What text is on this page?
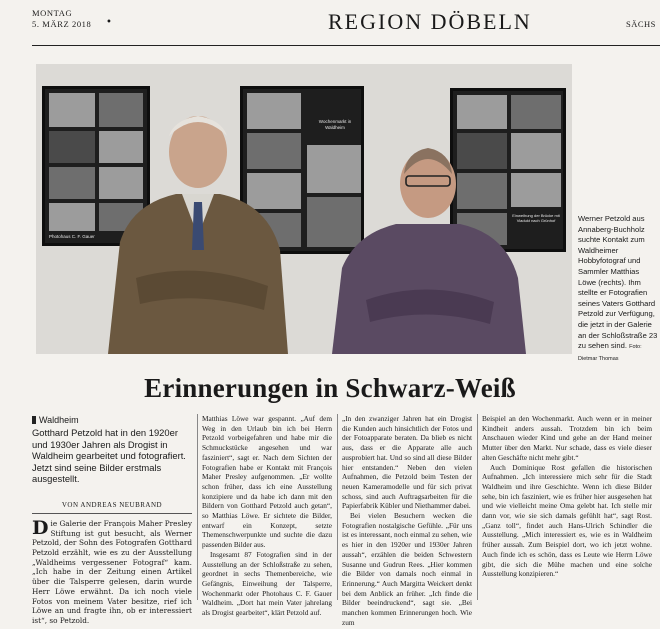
MONTAG
5. MÄRZ 2018 •	REGION DÖBELN	SÄCHS
Photohaus C. F. Gauer
Wochenmarkt in Waldheim
Einweihung der Brücke mit Viadukt nach Grünhof	Werner Petzold aus Annaberg-Buchholz suchte Kontakt zum Waldheimer Hobbyfotograf und Sammler Matthias Löwe (rechts). Ihm stellte er Fotografien seines Vaters Gotthard Petzold zur Verfügung, die jetzt in der Galerie an der Schloßstraße 23 zu sehen sind. Foto: Dietmar Thomas
Erinnerungen in Schwarz-Weiß
Waldheim
Gotthard Petzold hat in den 1920er und 1930er Jahren als Drogist in Waldheim gearbeitet und fotografiert. Jetzt sind seine Bilder erstmals ausgestellt.
VON ANDREAS NEUBRAND
Die Galerie der François Maher Presley Stiftung ist gut besucht, als Werner Petzold, der Sohn des Fotografen Gotthard Petzold erzählt, wie es zu der Ausstellung „Waldheims vergessener Fotograf“ kam. „Ich habe in der Zeitung einen Artikel über die Talsperre gelesen, darin wurde Herr Löwe erwähnt. Da ich noch viele Fotos von meinem Vater besitze, rief ich Löwe an und fragte ihn, ob er interessiert ist“, so Petzold.

Matthias Löwe war gespannt. „Auf dem Weg in den Urlaub bin ich bei Herrn Petzold vorbeigefahren und habe mir die Schmuckstücke angesehen und war fasziniert“, sagt er. Nach dem Sichten der Fotografien habe er Kontakt mit François Maher Presley aufgenommen. „Er wollte schon früher, dass ich eine Ausstellung konzipiere und da habe ich dann mit den Bildern von Gotthard Petzold auch getan“, so Matthias Löwe. Er sichtete die Bilder, entwarf ein Konzept, setzte Themenschwerpunkte und suchte die dazu passenden Bilder aus.

Insgesamt 87 Fotografien sind in der Ausstellung an der Schloßstraße zu sehen, geordnet in sechs Themenbereiche, wie Gefängnis, Einweihung der Talsperre, Wochenmarkt oder Photohaus C. F. Gauer Waldheim. „Dort hat mein Vater jahrelang als Drogist gearbeitet“, klärt Petzold auf.

„In den zwanziger Jahren hat ein Drogist die Kunden auch hinsichtlich der Fotos und der Fotoapparate beraten. Da blieb es nicht aus, dass er die Apparate alle auch ausprobiert hat. Und so sind all diese Bilder hier entstanden.“ Neben den vielen Aufnahmen, die Petzold beim Testen der neuen Kameramodelle und für sich privat schoss, sind auch Auftragsarbeiten für die Papierfabrik Kübler und Niethammer dabei.

Bei vielen Besuchern wecken die Fotografien nostalgische Gefühle. „Für uns ist es interessant, noch einmal zu sehen, wie es hier in den 1920er und 1930er Jahren aussah“, erzählen die beiden Schwestern Susanne und Gudrun Rees. „Hier kommen die Bilder von damals noch einmal in Erinnerung.“ Auch Margitta Weickert denkt bei dem Anblick an früher. „Ich finde die Bilder beeindruckend“, sagt sie. „Bei manchen kommen Erinnerungen hoch. Wie zum

Beispiel an den Wochenmarkt. Auch wenn er in meiner Kindheit anders aussah. Trotzdem bin ich beim Anschauen wieder Kind und gehe an der Hand meiner Mutter über den Markt. Nur schade, dass es viele dieser alten Geschäfte nicht mehr gibt.“

Auch Dominique Rost gefallen die historischen Aufnahmen. „Ich interessiere mich sehr für die Stadt Waldheim und ihre Geschichte. Wenn ich diese Bilder sehe, bin ich fasziniert, wie es früher hier ausgesehen hat und wie vielleicht meine Oma gelebt hat. Ich stelle mir dann vor, wie sie sich damals gefühlt hat“, sagt Rost. „Ganz toll“, findet auch Hans-Ulrich Schindler die Ausstellung. „Mich interessiert es, wie es in Waldheim früher aussah. Zum Beispiel dort, wo ich jetzt wohne. Auch finde ich es schön, dass es Leute wie Herrn Löwe gibt, die sich die Mühe machen und eine solche Ausstellung konzipieren.“
